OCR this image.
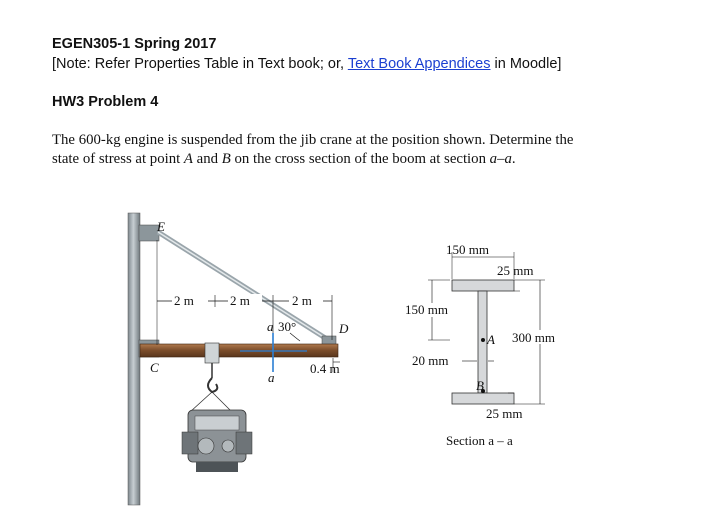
EGEN305-1 Spring 2017
[Note: Refer Properties Table in Text book; or, Text Book Appendices in Moodle]
HW3 Problem 4
The 600-kg engine is suspended from the jib crane at the position shown. Determine the
state of stress at point A and B on the cross section of the boom at section a–a.
2 m	2 m	2 m
a
a
30°
E
C
D
0.4 m
150 mm
25 mm
150 mm
300 mm
20 mm
25 mm
A
B
Section a – a
